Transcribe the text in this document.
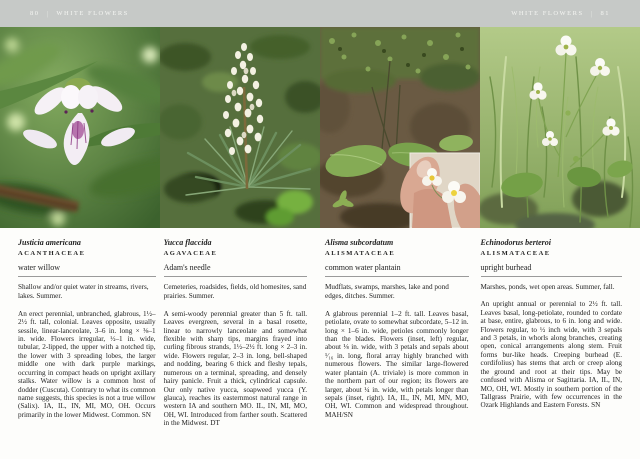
80 | WHITE FLOWERS	WHITE FLOWERS | 81

Justicia americana

ACANTHACEAE

water willow

Shallow and/or quiet water in streams, rivers, lakes. Summer.

An erect perennial, unbranched, glabrous, 1½–2½ ft. tall, colonial. Leaves opposite, usually sessile, linear-lanceolate, 3–6 in. long × ⅜–1 in. wide. Flowers irregular, ½–1 in. wide, tubular, 2-lipped, the upper with a notched tip, the lower with 3 spreading lobes, the larger middle one with dark purple markings, occurring in compact heads on upright axillary stalks. Water willow is a common host of dodder (Cuscuta). Contrary to what its common name suggests, this species is not a true willow (Salix). IA, IL, IN, MI, MO, OH. Occurs primarily in the lower Midwest. Common. SN

Yucca flaccida

AGAVACEAE

Adam's needle

Cemeteries, roadsides, fields, old homesites, sand prairies. Summer.

A semi-woody perennial greater than 5 ft. tall. Leaves evergreen, several in a basal rosette, linear to narrowly lanceolate and somewhat flexible with sharp tips, margins frayed into curling fibrous strands, 1½–2½ ft. long × 2–3 in. wide. Flowers regular, 2–3 in. long, bell-shaped and nodding, bearing 6 thick and fleshy tepals, numerous on a terminal, spreading, and densely hairy panicle. Fruit a thick, cylindrical capsule. Our only native yucca, soapweed yucca (Y. glauca), reaches its easternmost natural range in western IA and southern MO. IL, IN, MI, MO, OH, WI. Introduced from farther south. Scattered in the Midwest. DT

Alisma subcordatum

ALISMATACEAE

common water plantain

Mudflats, swamps, marshes, lake and pond edges, ditches. Summer.

A glabrous perennial 1–2 ft. tall. Leaves basal, petiolate, ovate to somewhat subcordate, 5–12 in. long × 1–6 in. wide, petioles commonly longer than the blades. Flowers (inset, left) regular, about ⅛ in. wide, with 3 petals and sepals about ¹⁄₁₆ in. long, floral array highly branched with numerous flowers. The similar large-flowered water plantain (A. triviale) is more common in the northern part of our region; its flowers are larger, about ¼ in. wide, with petals longer than sepals (inset, right). IA, IL, IN, MI, MN, MO, OH, WI. Common and widespread throughout. MAH/SN

Echinodorus berteroi

ALISMATACEAE

upright burhead

Marshes, ponds, wet open areas. Summer, fall.

An upright annual or perennial to 2½ ft. tall. Leaves basal, long-petiolate, rounded to cordate at base, entire, glabrous, to 6 in. long and wide. Flowers regular, to ½ inch wide, with 3 sepals and 3 petals, in whorls along branches, creating open, conical arrangements along stem. Fruit forms bur-like heads. Creeping burhead (E. cordifolius) has stems that arch or creep along the ground and root at their tips. May be confused with Alisma or Sagittaria. IA, IL, IN, MO, OH, WI. Mostly in southern portion of the Tallgrass Prairie, with few occurrences in the Ozark Highlands and Eastern Forests. SN
